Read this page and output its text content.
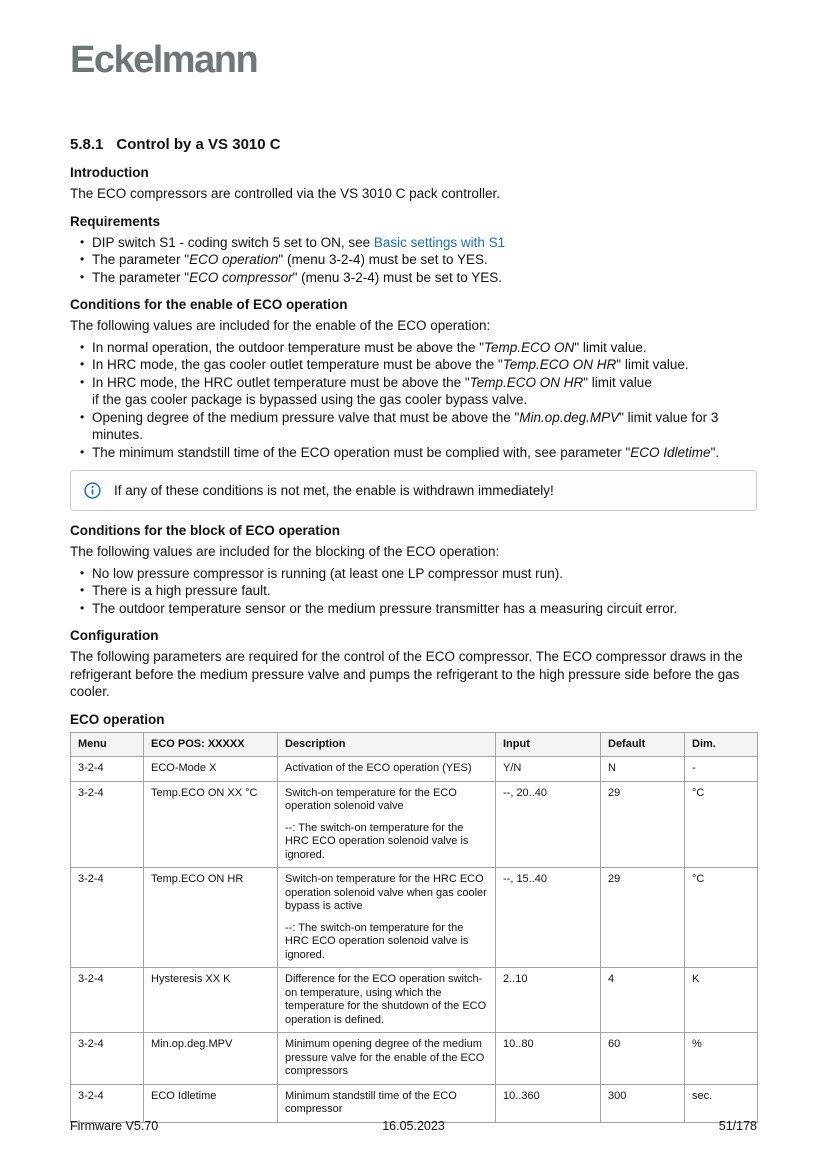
Eckelmann
5.8.1 Control by a VS 3010 C
Introduction

The ECO compressors are controlled via the VS 3010 C pack controller.

Requirements
• DIP switch S1 - coding switch 5 set to ON, see Basic settings with S1
• The parameter "ECO operation" (menu 3-2-4) must be set to YES.
• The parameter "ECO compressor" (menu 3-2-4) must be set to YES.
Conditions for the enable of ECO operation

The following values are included for the enable of the ECO operation:

• In normal operation, the outdoor temperature must be above the "Temp.ECO ON" limit value.
• In HRC mode, the gas cooler outlet temperature must be above the "Temp.ECO ON HR" limit value.
• In HRC mode, the HRC outlet temperature must be above the "Temp.ECO ON HR" limit value
if the gas cooler package is bypassed using the gas cooler bypass valve.
• Opening degree of the medium pressure valve that must be above the "Min.op.deg.MPV" limit value for 3 minutes.
• The minimum standstill time of the ECO operation must be complied with, see parameter "ECO Idletime".
If any of these conditions is not met, the enable is withdrawn immediately!
Conditions for the block of ECO operation

The following values are included for the blocking of the ECO operation:

• No low pressure compressor is running (at least one LP compressor must run).
• There is a high pressure fault.
• The outdoor temperature sensor or the medium pressure transmitter has a measuring circuit error.
Configuration

The following parameters are required for the control of the ECO compressor. The ECO compressor draws in the refrigerant before the medium pressure valve and pumps the refrigerant to the high pressure side before the gas cooler.

ECO operation
Menu	ECO POS: XXXXX	Description	Input	Default	Dim.
3-2-4	ECO-Mode X	Activation of the ECO operation (YES)	Y/N	N	-
3-2-4	Temp.ECO ON XX °C	Switch-on temperature for the ECO operation solenoid valve
--: The switch-on temperature for the HRC ECO operation solenoid valve is ignored.	--, 20..40	29	°C
3-2-4	Temp.ECO ON HR	Switch-on temperature for the HRC ECO operation solenoid valve when gas cooler bypass is active
--: The switch-on temperature for the HRC ECO operation solenoid valve is ignored.	--, 15..40	29	°C
3-2-4	Hysteresis XX K	Difference for the ECO operation switch-on temperature, using which the temperature for the shutdown of the ECO operation is defined.	2..10	4	K
3-2-4	Min.op.deg.MPV	Minimum opening degree of the medium pressure valve for the enable of the ECO compressors	10..80	60	%
3-2-4	ECO Idletime	Minimum standstill time of the ECO compressor	10..360	300	sec.
Firmware V5.70	16.05.2023	51/178
